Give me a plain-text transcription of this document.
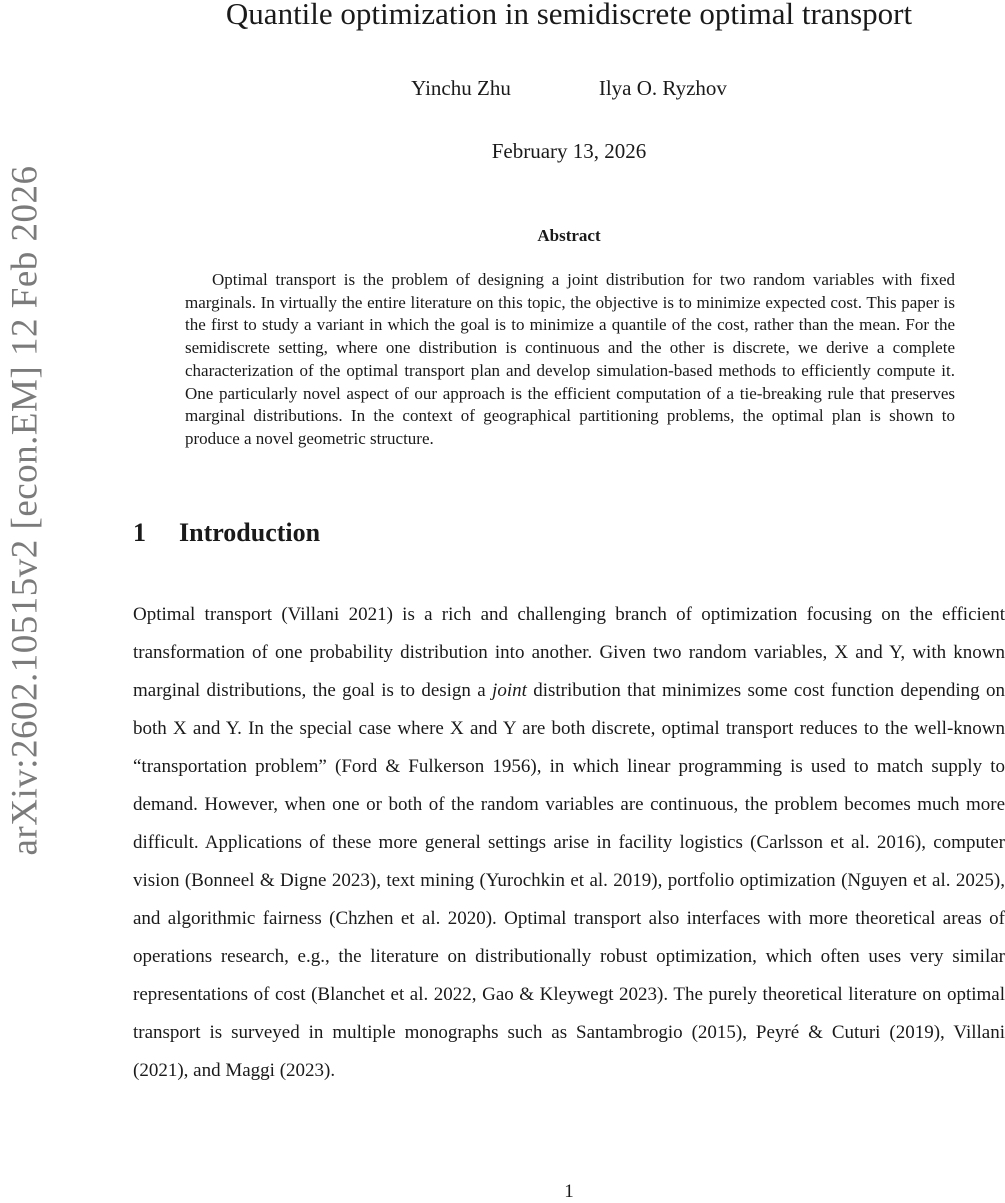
arXiv:2602.10515v2 [econ.EM] 12 Feb 2026
Quantile optimization in semidiscrete optimal transport
Yinchu Zhu	Ilya O. Ryzhov
February 13, 2026
Abstract

Optimal transport is the problem of designing a joint distribution for two random variables with fixed marginals. In virtually the entire literature on this topic, the objective is to minimize expected cost. This paper is the first to study a variant in which the goal is to minimize a quantile of the cost, rather than the mean. For the semidiscrete setting, where one distribution is continuous and the other is discrete, we derive a complete characterization of the optimal transport plan and develop simulation-based methods to efficiently compute it. One particularly novel aspect of our approach is the efficient computation of a tie-breaking rule that preserves marginal distributions. In the context of geographical partitioning problems, the optimal plan is shown to produce a novel geometric structure.

1 Introduction

Optimal transport (Villani 2021) is a rich and challenging branch of optimization focusing on the efficient transformation of one probability distribution into another. Given two random variables, X and Y, with known marginal distributions, the goal is to design a joint distribution that minimizes some cost function depending on both X and Y. In the special case where X and Y are both discrete, optimal transport reduces to the well-known “transportation problem” (Ford & Fulkerson 1956), in which linear programming is used to match supply to demand. However, when one or both of the random variables are continuous, the problem becomes much more difficult. Applications of these more general settings arise in facility logistics (Carlsson et al. 2016), computer vision (Bonneel & Digne 2023), text mining (Yurochkin et al. 2019), portfolio optimization (Nguyen et al. 2025), and algorithmic fairness (Chzhen et al. 2020). Optimal transport also interfaces with more theoretical areas of operations research, e.g., the literature on distributionally robust optimization, which often uses very similar representations of cost (Blanchet et al. 2022, Gao & Kleywegt 2023). The purely theoretical literature on optimal transport is surveyed in multiple monographs such as Santambrogio (2015), Peyré & Cuturi (2019), Villani (2021), and Maggi (2023).

1
